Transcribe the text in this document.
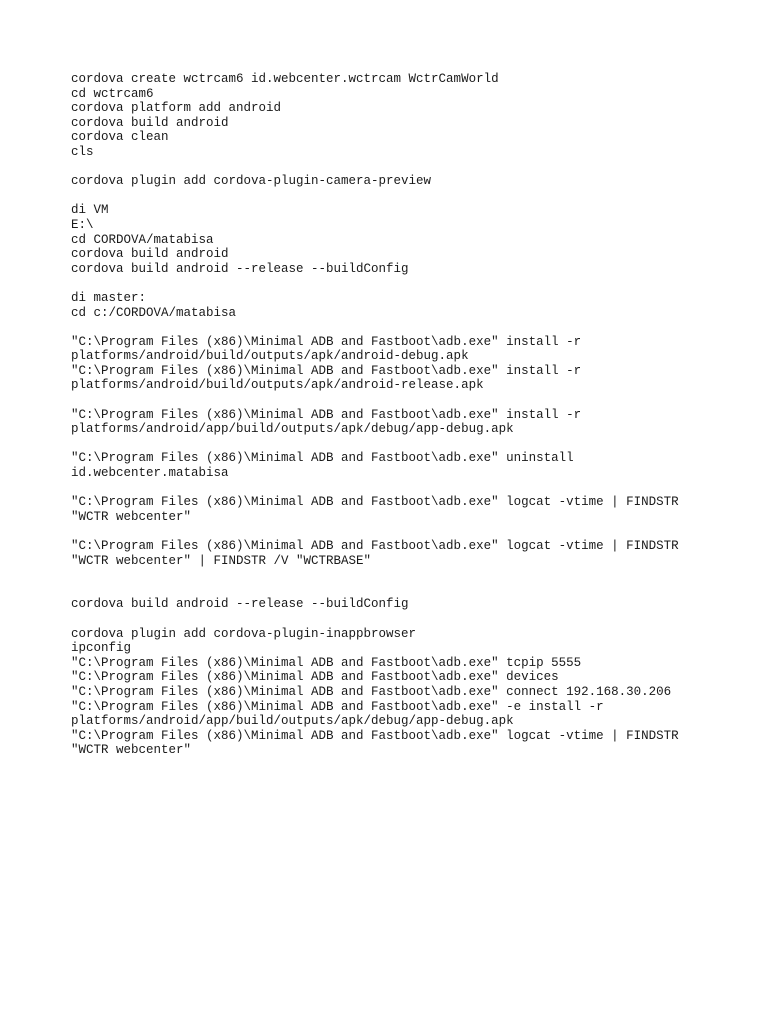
cordova create wctrcam6 id.webcenter.wctrcam WctrCamWorld
cd wctrcam6
cordova platform add android
cordova build android
cordova clean
cls
cordova plugin add cordova-plugin-camera-preview
di VM
E:\
cd CORDOVA/matabisa
cordova build android
cordova build android --release --buildConfig
di master:
cd c:/CORDOVA/matabisa
"C:\Program Files (x86)\Minimal ADB and Fastboot\adb.exe" install -r
platforms/android/build/outputs/apk/android-debug.apk
"C:\Program Files (x86)\Minimal ADB and Fastboot\adb.exe" install -r
platforms/android/build/outputs/apk/android-release.apk
"C:\Program Files (x86)\Minimal ADB and Fastboot\adb.exe" install -r
platforms/android/app/build/outputs/apk/debug/app-debug.apk
"C:\Program Files (x86)\Minimal ADB and Fastboot\adb.exe" uninstall
id.webcenter.matabisa
"C:\Program Files (x86)\Minimal ADB and Fastboot\adb.exe" logcat -vtime | FINDSTR
"WCTR webcenter"
"C:\Program Files (x86)\Minimal ADB and Fastboot\adb.exe" logcat -vtime | FINDSTR
"WCTR webcenter" | FINDSTR /V "WCTRBASE"
cordova build android --release --buildConfig
cordova plugin add cordova-plugin-inappbrowser
ipconfig
"C:\Program Files (x86)\Minimal ADB and Fastboot\adb.exe" tcpip 5555
"C:\Program Files (x86)\Minimal ADB and Fastboot\adb.exe" devices
"C:\Program Files (x86)\Minimal ADB and Fastboot\adb.exe" connect 192.168.30.206
"C:\Program Files (x86)\Minimal ADB and Fastboot\adb.exe" -e install -r
platforms/android/app/build/outputs/apk/debug/app-debug.apk
"C:\Program Files (x86)\Minimal ADB and Fastboot\adb.exe" logcat -vtime | FINDSTR
"WCTR webcenter"
